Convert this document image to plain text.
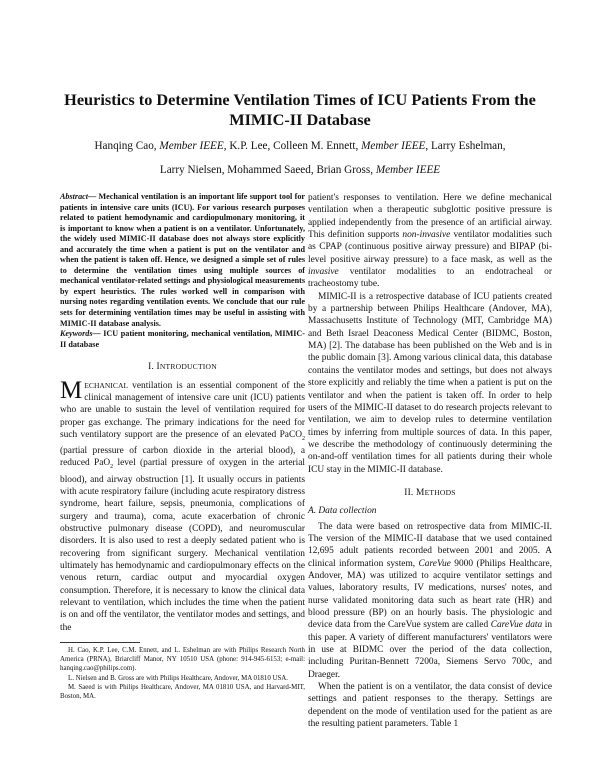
Heuristics to Determine Ventilation Times of ICU Patients From the MIMIC-II Database
Hanqing Cao, Member IEEE, K.P. Lee, Colleen M. Ennett, Member IEEE, Larry Eshelman,
Larry Nielsen, Mohammed Saeed, Brian Gross, Member IEEE

Abstract— Mechanical ventilation is an important life support tool for patients in intensive care units (ICU). For various research purposes related to patient hemodynamic and cardiopulmonary monitoring, it is important to know when a patient is on a ventilator. Unfortunately, the widely used MIMIC-II database does not always store explicitly and accurately the time when a patient is put on the ventilator and when the patient is taken off. Hence, we designed a simple set of rules to determine the ventilation times using multiple sources of mechanical ventilator-related settings and physiological measurements by expert heuristics. The rules worked well in comparison with nursing notes regarding ventilation events. We conclude that our rule sets for determining ventilation times may be useful in assisting with MIMIC-II database analysis.

Keywords— ICU patient monitoring, mechanical ventilation, MIMIC-II database

I. INTRODUCTION

MECHANICAL ventilation is an essential component of the clinical management of intensive care unit (ICU) patients who are unable to sustain the level of ventilation required for proper gas exchange. The primary indications for the need for such ventilatory support are the presence of an elevated PaCO$_2$ (partial pressure of carbon dioxide in the arterial blood), a reduced PaO$_2$ level (partial pressure of oxygen in the arterial blood), and airway obstruction [1]. It usually occurs in patients with acute respiratory failure (including acute respiratory distress syndrome, heart failure, sepsis, pneumonia, complications of surgery and trauma), coma, acute exacerbation of chronic obstructive pulmonary disease (COPD), and neuromuscular disorders. It is also used to rest a deeply sedated patient who is recovering from significant surgery. Mechanical ventilation ultimately has hemodynamic and cardiopulmonary effects on the venous return, cardiac output and myocardial oxygen consumption. Therefore, it is necessary to know the clinical data relevant to ventilation, which includes the time when the patient is on and off the ventilator, the ventilator modes and settings, and the

H. Cao, K.P. Lee, C.M. Ennett, and L. Eshelman are with Philips Research North America (PRNA), Briarcliff Manor, NY 10510 USA (phone: 914-945-6153; e-mail: hanqing.cao@philips.com).

L. Nielsen and B. Gross are with Philips Healthcare, Andover, MA 01810 USA.

M. Saeed is with Philips Healthcare, Andover, MA 01810 USA, and Harvard-MIT, Boston, MA.

patient's responses to ventilation. Here we define mechanical ventilation when a therapeutic subglottic positive pressure is applied independently from the presence of an artificial airway. This definition supports non-invasive ventilator modalities such as CPAP (continuous positive airway pressure) and BIPAP (bi-level positive airway pressure) to a face mask, as well as the invasive ventilator modalities to an endotracheal or tracheostomy tube.

MIMIC-II is a retrospective database of ICU patients created by a partnership between Philips Healthcare (Andover, MA), Massachusetts Institute of Technology (MIT, Cambridge MA) and Beth Israel Deaconess Medical Center (BIDMC, Boston, MA) [2]. The database has been published on the Web and is in the public domain [3]. Among various clinical data, this database contains the ventilator modes and settings, but does not always store explicitly and reliably the time when a patient is put on the ventilator and when the patient is taken off. In order to help users of the MIMIC-II dataset to do research projects relevant to ventilation, we aim to develop rules to determine ventilation times by inferring from multiple sources of data. In this paper, we describe the methodology of continuously determining the on-and-off ventilation times for all patients during their whole ICU stay in the MIMIC-II database.

II. METHODS
A. Data collection

The data were based on retrospective data from MIMIC-II. The version of the MIMIC-II database that we used contained 12,695 adult patients recorded between 2001 and 2005. A clinical information system, CareVue 9000 (Philips Healthcare, Andover, MA) was utilized to acquire ventilator settings and values, laboratory results, IV medications, nurses' notes, and nurse validated monitoring data such as heart rate (HR) and blood pressure (BP) on an hourly basis. The physiologic and device data from the CareVue system are called CareVue data in this paper. A variety of different manufacturers' ventilators were in use at BIDMC over the period of the data collection, including Puritan-Bennett 7200a, Siemens Servo 700c, and Draeger.

When the patient is on a ventilator, the data consist of device settings and patient responses to the therapy. Settings are dependent on the mode of ventilation used for the patient as are the resulting patient parameters. Table 1
